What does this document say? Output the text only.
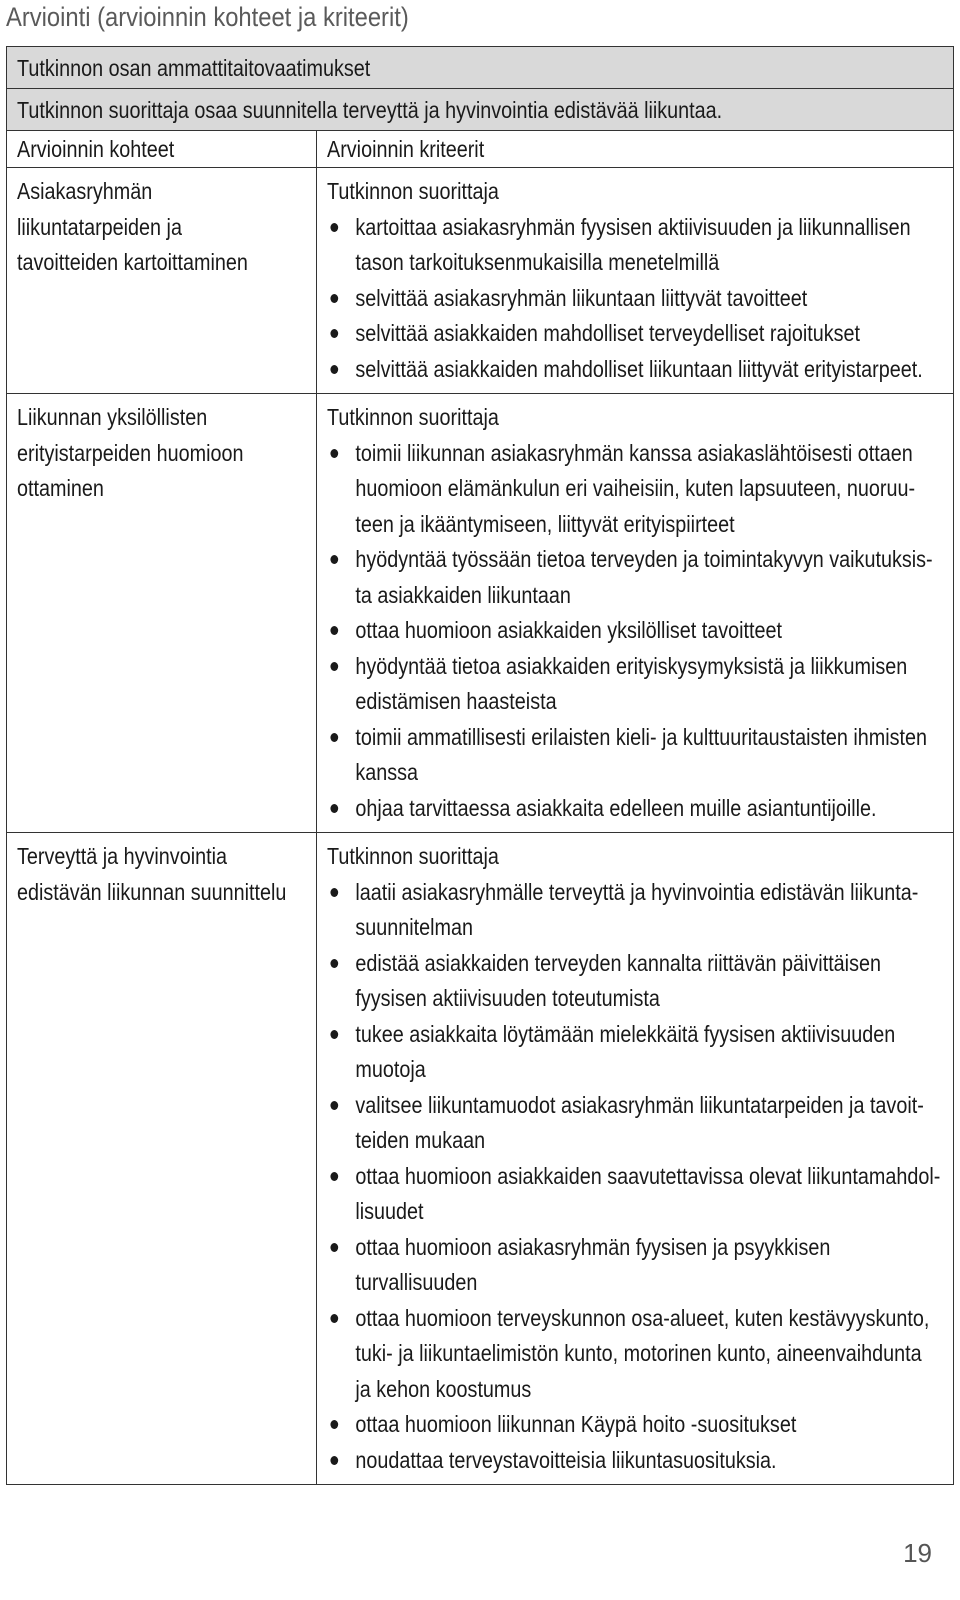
Arviointi (arvioinnin kohteet ja kriteerit)
Tutkinnon osan ammattitaitovaatimukset
Tutkinnon suorittaja osaa suunnitella terveyttä ja hyvinvointia edistävää liikuntaa.
Arvioinnin kohteet	Arvioinnin kriteerit
Asiakasryhmän liikuntatarpeiden ja tavoitteiden kartoittaminen
Tutkinnon suorittaja
kartoittaa asiakasryhmän fyysisen aktiivisuuden ja liikunnallisen tason tarkoituksenmukaisilla menetelmillä
selvittää asiakasryhmän liikuntaan liittyvät tavoitteet
selvittää asiakkaiden mahdolliset terveydelliset rajoitukset
selvittää asiakkaiden mahdolliset liikuntaan liittyvät erityistarpeet.
Liikunnan yksilöllisten erityistarpeiden huomioon ottaminen
Tutkinnon suorittaja
toimii liikunnan asiakasryhmän kanssa asiakaslähtöisesti ottaen huomioon elämänkulun eri vaiheisiin, kuten lapsuuteen, nuoruu-teen ja ikääntymiseen, liittyvät erityispiirteet
hyödyntää työssään tietoa terveyden ja toimintakyvyn vaikutuksis-ta asiakkaiden liikuntaan
ottaa huomioon asiakkaiden yksilölliset tavoitteet
hyödyntää tietoa asiakkaiden erityiskysymyksistä ja liikkumisen edistämisen haasteista
toimii ammatillisesti erilaisten kieli- ja kulttuuritaustaisten ihmisten kanssa
ohjaa tarvittaessa asiakkaita edelleen muille asiantuntijoille.
Terveyttä ja hyvinvointia edistävän liikunnan suunnittelu
Tutkinnon suorittaja
laatii asiakasryhmälle terveyttä ja hyvinvointia edistävän liikunta-suunnitelman
edistää asiakkaiden terveyden kannalta riittävän päivittäisen fyysisen aktiivisuuden toteutumista
tukee asiakkaita löytämään mielekkäitä fyysisen aktiivisuuden muotoja
valitsee liikuntamuodot asiakasryhmän liikuntatarpeiden ja tavoit-teiden mukaan
ottaa huomioon asiakkaiden saavutettavissa olevat liikuntamahdol-lisuudet
ottaa huomioon asiakasryhmän fyysisen ja psyykkisen turvallisuuden
ottaa huomioon terveyskunnon osa-alueet, kuten kestävyyskunto, tuki- ja liikuntaelimistön kunto, motorinen kunto, aineenvaihdunta ja kehon koostumus
ottaa huomioon liikunnan Käypä hoito -suositukset
noudattaa terveystavoitteisia liikuntasuosituksia.
19
